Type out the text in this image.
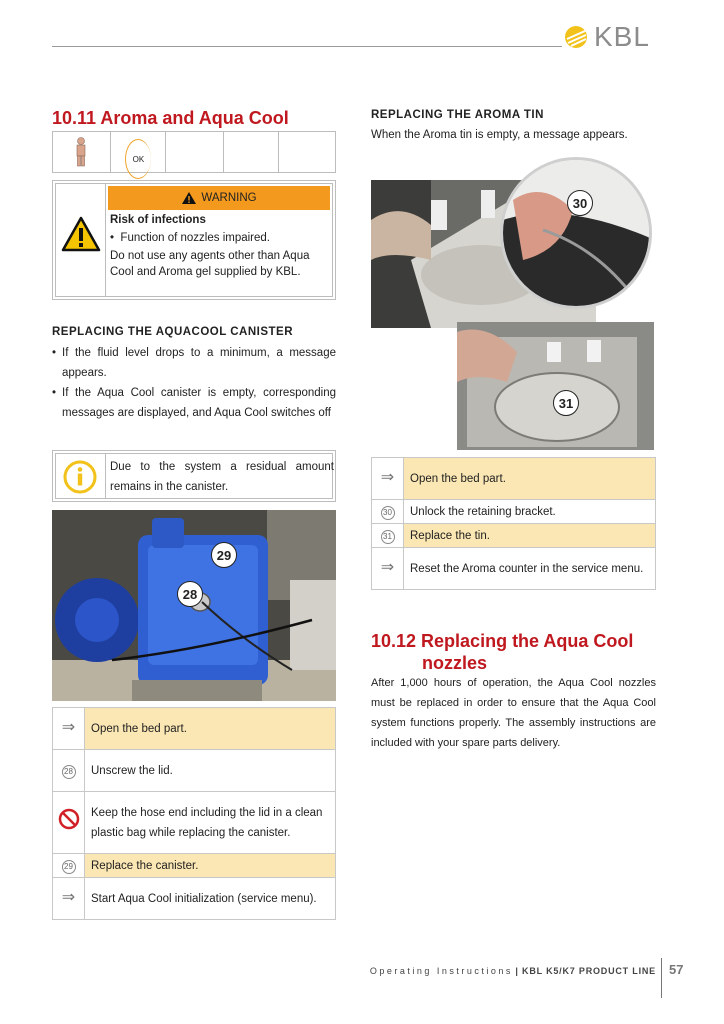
KBL
10.11 Aroma and Aqua Cool
OK
WARNING
Risk of infections
•  Function of nozzles impaired.
Do not use any agents other than Aqua Cool and Aroma gel supplied by KBL.
REPLACING THE AQUACOOL CANISTER
• If the fluid level drops to a minimum, a message appears.
• If the Aqua Cool canister is empty, corresponding messages are displayed, and Aqua Cool switches off
Due to the system a residual amount remains in the canister.
29
28
⇒	Open the bed part.
28	Unscrew the lid.
	Keep the hose end including the lid in a clean plastic bag while replacing the canister.
29	Replace the canister.
⇒	Start Aqua Cool initialization (service menu).
REPLACING THE AROMA TIN
When the Aroma tin is empty, a message appears.
30
31
⇒	Open the bed part.
30	Unlock the retaining bracket.
31	Replace the tin.
⇒	Reset the Aroma counter in the service menu.
10.12 Replacing the Aqua Cool
nozzles
After 1,000 hours of operation, the Aqua Cool nozzles must be replaced in order to ensure that the Aqua Cool system functions properly. The assembly instructions are included with your spare parts delivery.
Operating Instructions | KBL K5/K7 PRODUCT LINE 57
